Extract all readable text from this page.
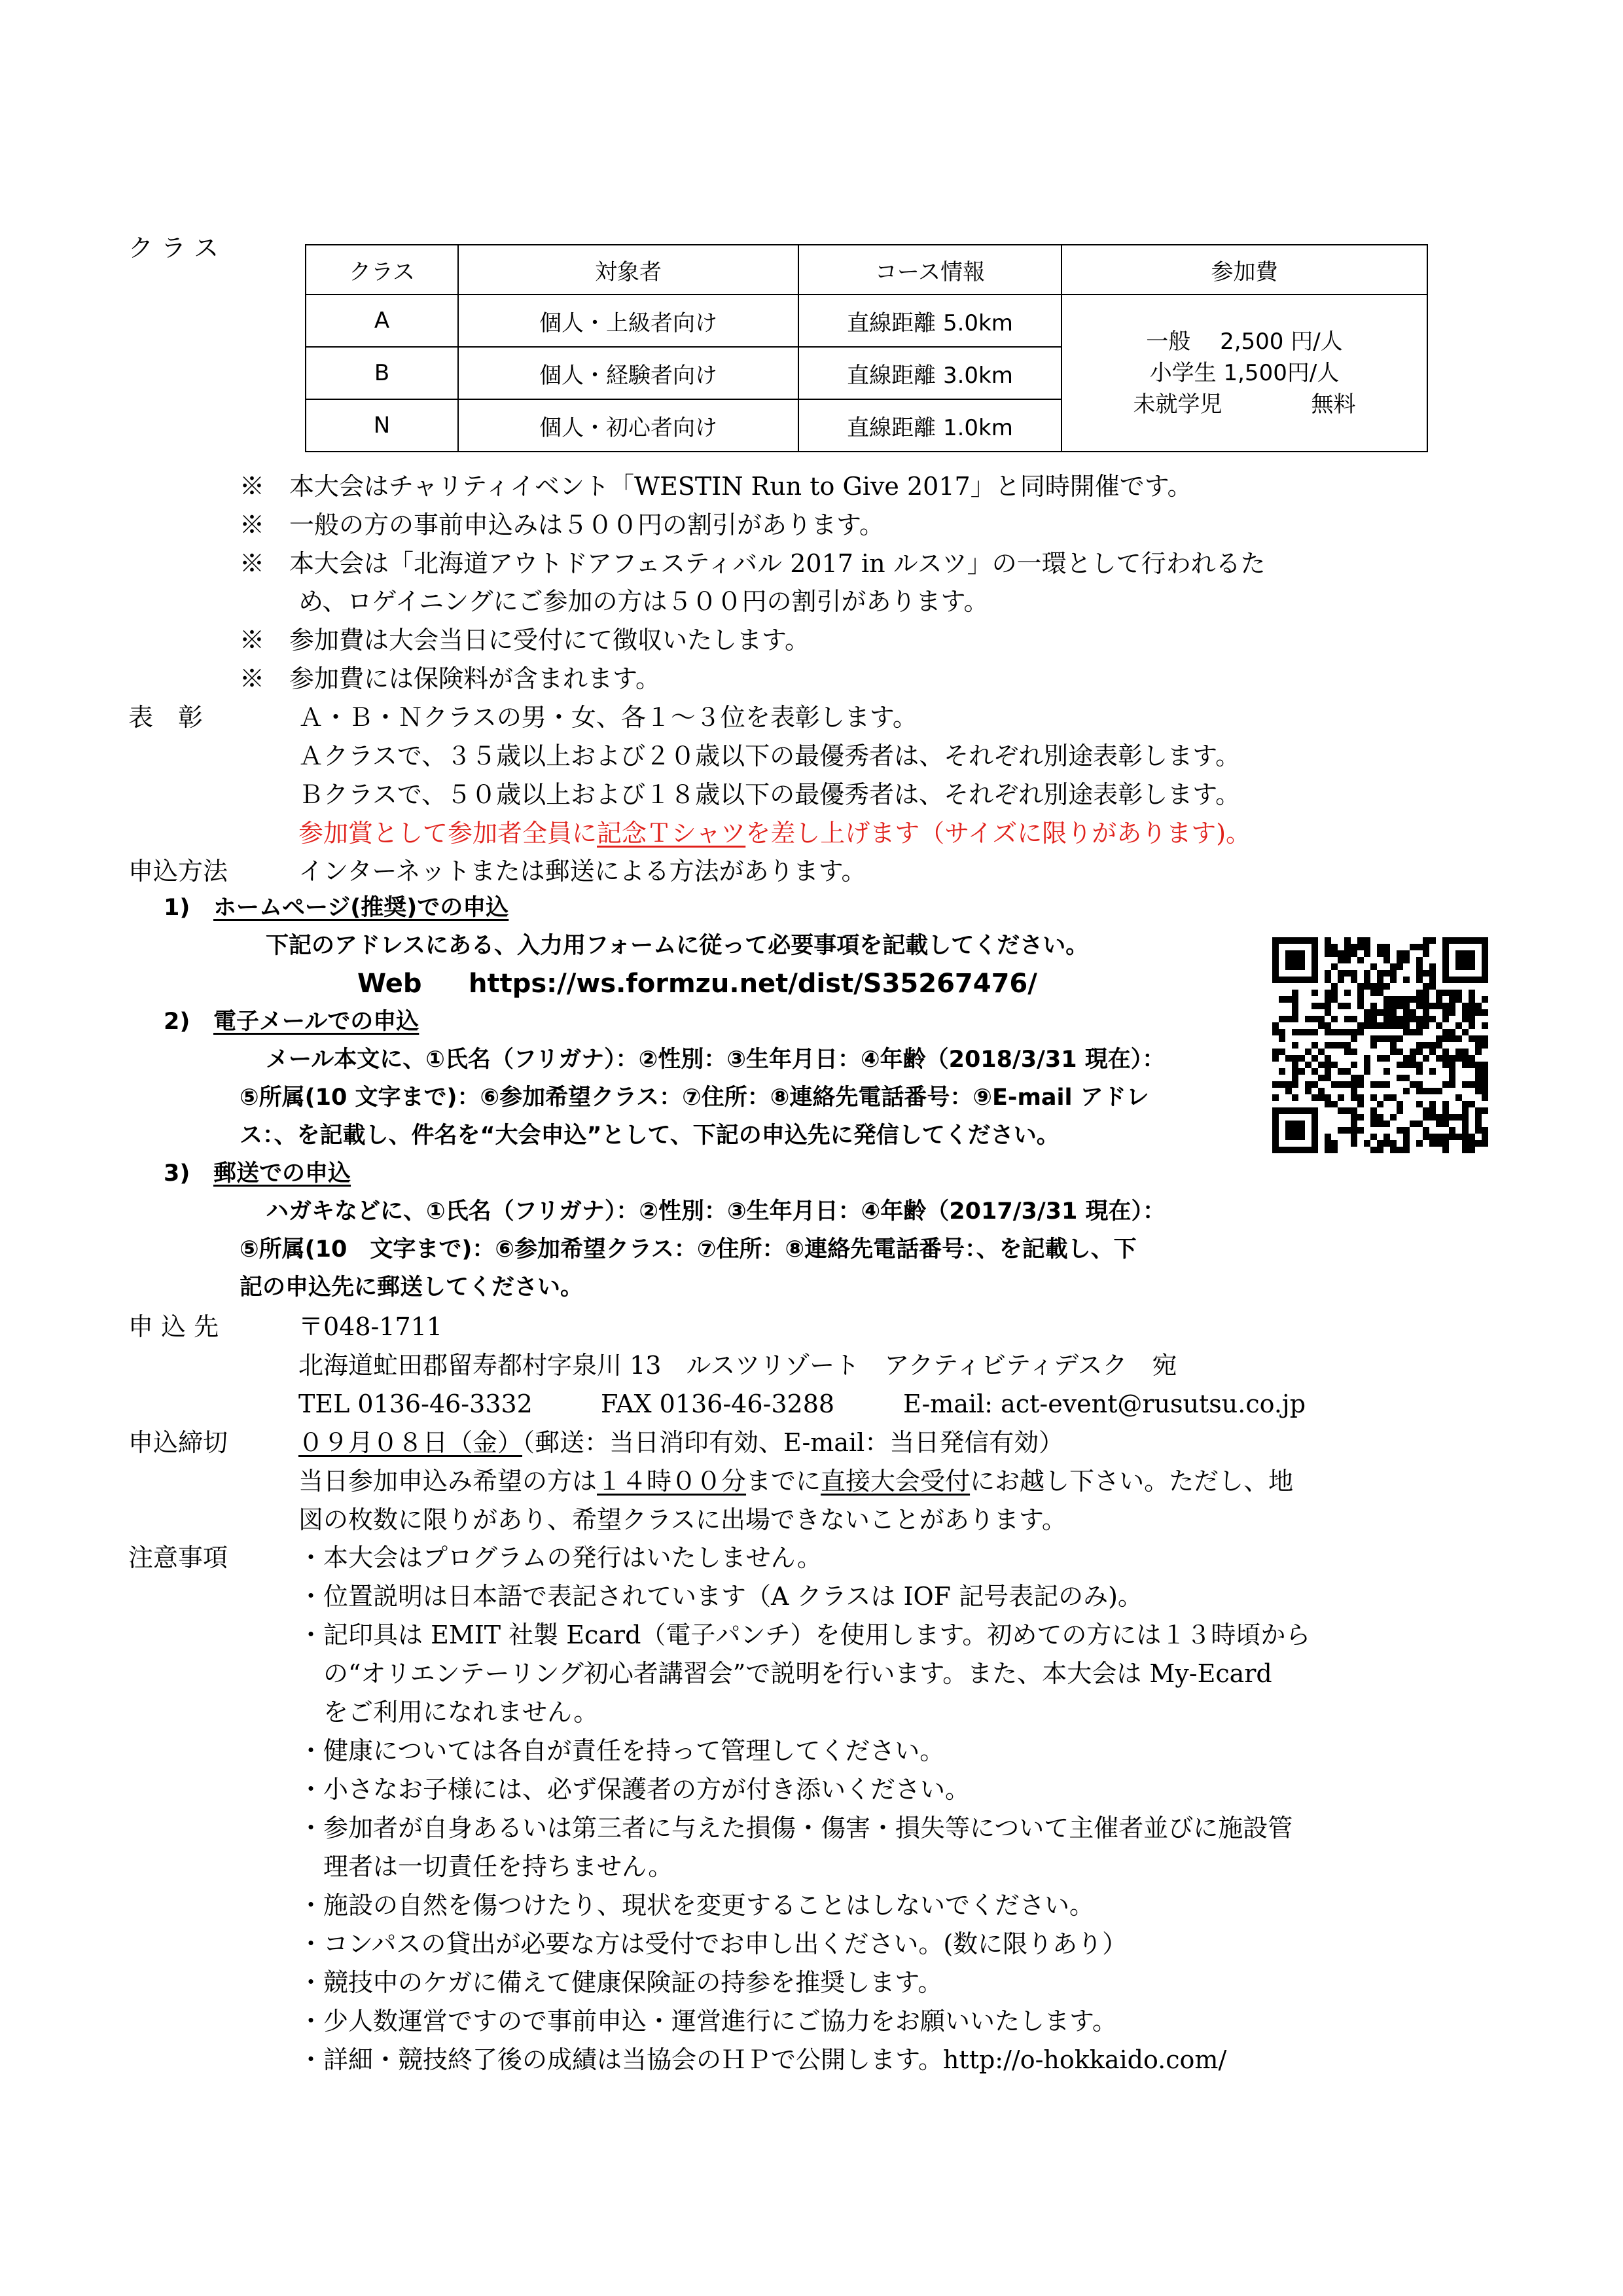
ク ラ ス
クラス	対象者	コース情報	参加費
A	個人・上級者向け	直線距離 5.0km	一般　 2,500 円/人
小学生 1,500円/人
未就学児　　　　無料

B	個人・経験者向け	直線距離 3.0km	
N	個人・初心者向け	直線距離 1.0km	
※　本大会はチャリティイベント「WESTIN Run to Give 2017」と同時開催です。
※　一般の方の事前申込みは５００円の割引があります。
※　本大会は「北海道アウトドアフェスティバル 2017 in ルスツ」の一環として行われるた
め、ロゲイニングにご参加の方は５００円の割引があります。
※　参加費は大会当日に受付にて徴収いたします。
※　参加費には保険料が含まれます。
表　彰	Ａ・Ｂ・Ｎクラスの男・女、各１～３位を表彰します。
Ａクラスで、３５歳以上および２０歳以下の最優秀者は、それぞれ別途表彰します。
Ｂクラスで、５０歳以上および１８歳以下の最優秀者は、それぞれ別途表彰します。
参加賞として参加者全員に記念Ｔシャツを差し上げます（サイズに限りがあります)。
申込方法	インターネットまたは郵送による方法があります。
1) ホームページ(推奨)での申込
下記のアドレスにある、入力用フォームに従って必要事項を記載してください。
Web https://ws.formzu.net/dist/S35267476/
2) 電子メールでの申込
メール本文に、①氏名（フリガナ）：②性別：③生年月日：④年齢（2018/3/31 現在）：
⑤所属(10 文字まで)：⑥参加希望クラス：⑦住所：⑧連絡先電話番号：⑨E-mail アドレ
ス：、を記載し、件名を“大会申込”として、下記の申込先に発信してください。
3) 郵送での申込
ハガキなどに、①氏名（フリガナ）：②性別：③生年月日：④年齢（2017/3/31 現在）：
⑤所属(10　文字まで)：⑥参加希望クラス：⑦住所：⑧連絡先電話番号：、を記載し、下
記の申込先に郵送してください。
申 込 先	〒048-1711
北海道虻田郡留寿都村字泉川 13　ルスツリゾート　アクティビティデスク　宛
TEL 0136-46-3332	FAX 0136-46-3288	E-mail: act-event@rusutsu.co.jp
申込締切	０９月０８日（金）（郵送：当日消印有効、E-mail：当日発信有効）
当日参加申込み希望の方は１４時００分までに直接大会受付にお越し下さい。ただし、地
図の枚数に限りがあり、希望クラスに出場できないことがあります。
注意事項	・本大会はプログラムの発行はいたしません。
・位置説明は日本語で表記されています（A クラスは IOF 記号表記のみ)。
・記印具は EMIT 社製 Ecard（電子パンチ）を使用します。初めての方には１３時頃から
の“オリエンテーリング初心者講習会”で説明を行います。また、本大会は My-Ecard
をご利用になれません。
・健康については各自が責任を持って管理してください。
・小さなお子様には、必ず保護者の方が付き添いください。
・参加者が自身あるいは第三者に与えた損傷・傷害・損失等について主催者並びに施設管
理者は一切責任を持ちません。
・施設の自然を傷つけたり、現状を変更することはしないでください。
・コンパスの貸出が必要な方は受付でお申し出ください。(数に限りあり）
・競技中のケガに備えて健康保険証の持参を推奨します。
・少人数運営ですので事前申込・運営進行にご協力をお願いいたします。
・詳細・競技終了後の成績は当協会のＨＰで公開します。http://o-hokkaido.com/
